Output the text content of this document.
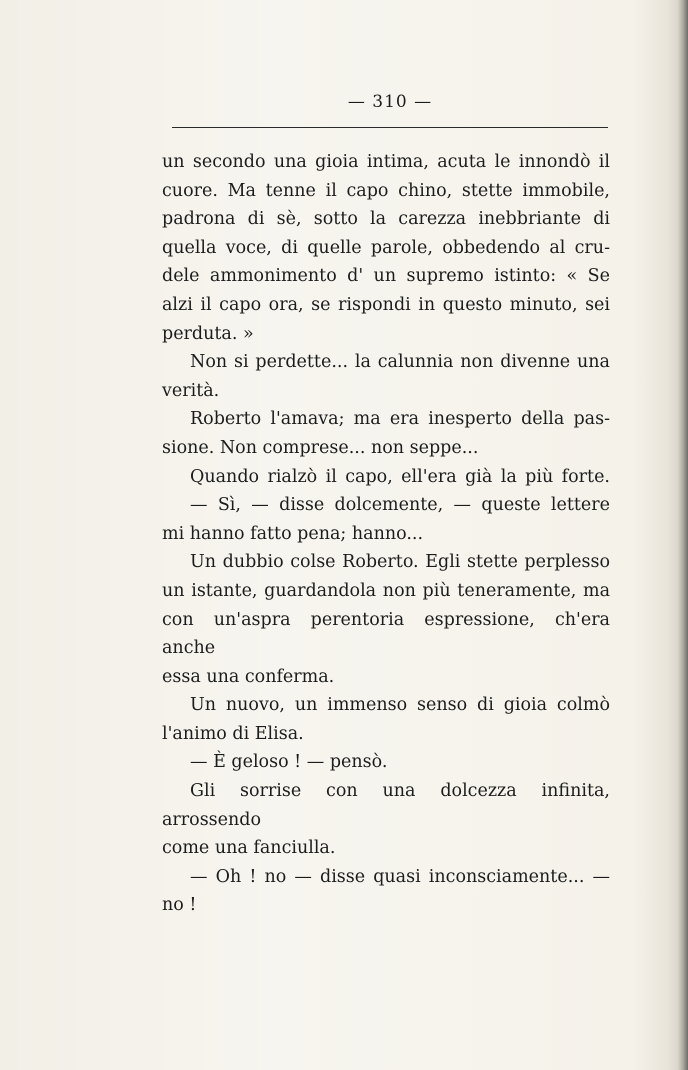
— 310 —

un secondo una gioia intima, acuta le innondò il

cuore. Ma tenne il capo chino, stette immobile,

padrona di sè, sotto la carezza inebbriante di

quella voce, di quelle parole, obbedendo al cru-

dele ammonimento d' un supremo istinto: « Se

alzi il capo ora, se rispondi in questo minuto, sei

perduta. »

Non si perdette... la calunnia non divenne una

verità.

Roberto l'amava; ma era inesperto della pas-

sione. Non comprese... non seppe...

Quando rialzò il capo, ell'era già la più forte.

— Sì, — disse dolcemente, — queste lettere

mi hanno fatto pena; hanno...

Un dubbio colse Roberto. Egli stette perplesso

un istante, guardandola non più teneramente, ma

con un'aspra perentoria espressione, ch'era anche

essa una conferma.

Un nuovo, un immenso senso di gioia colmò

l'animo di Elisa.

— È geloso ! — pensò.

Gli sorrise con una dolcezza infinita, arrossendo

come una fanciulla.

— Oh ! no — disse quasi inconsciamente... —

no !
